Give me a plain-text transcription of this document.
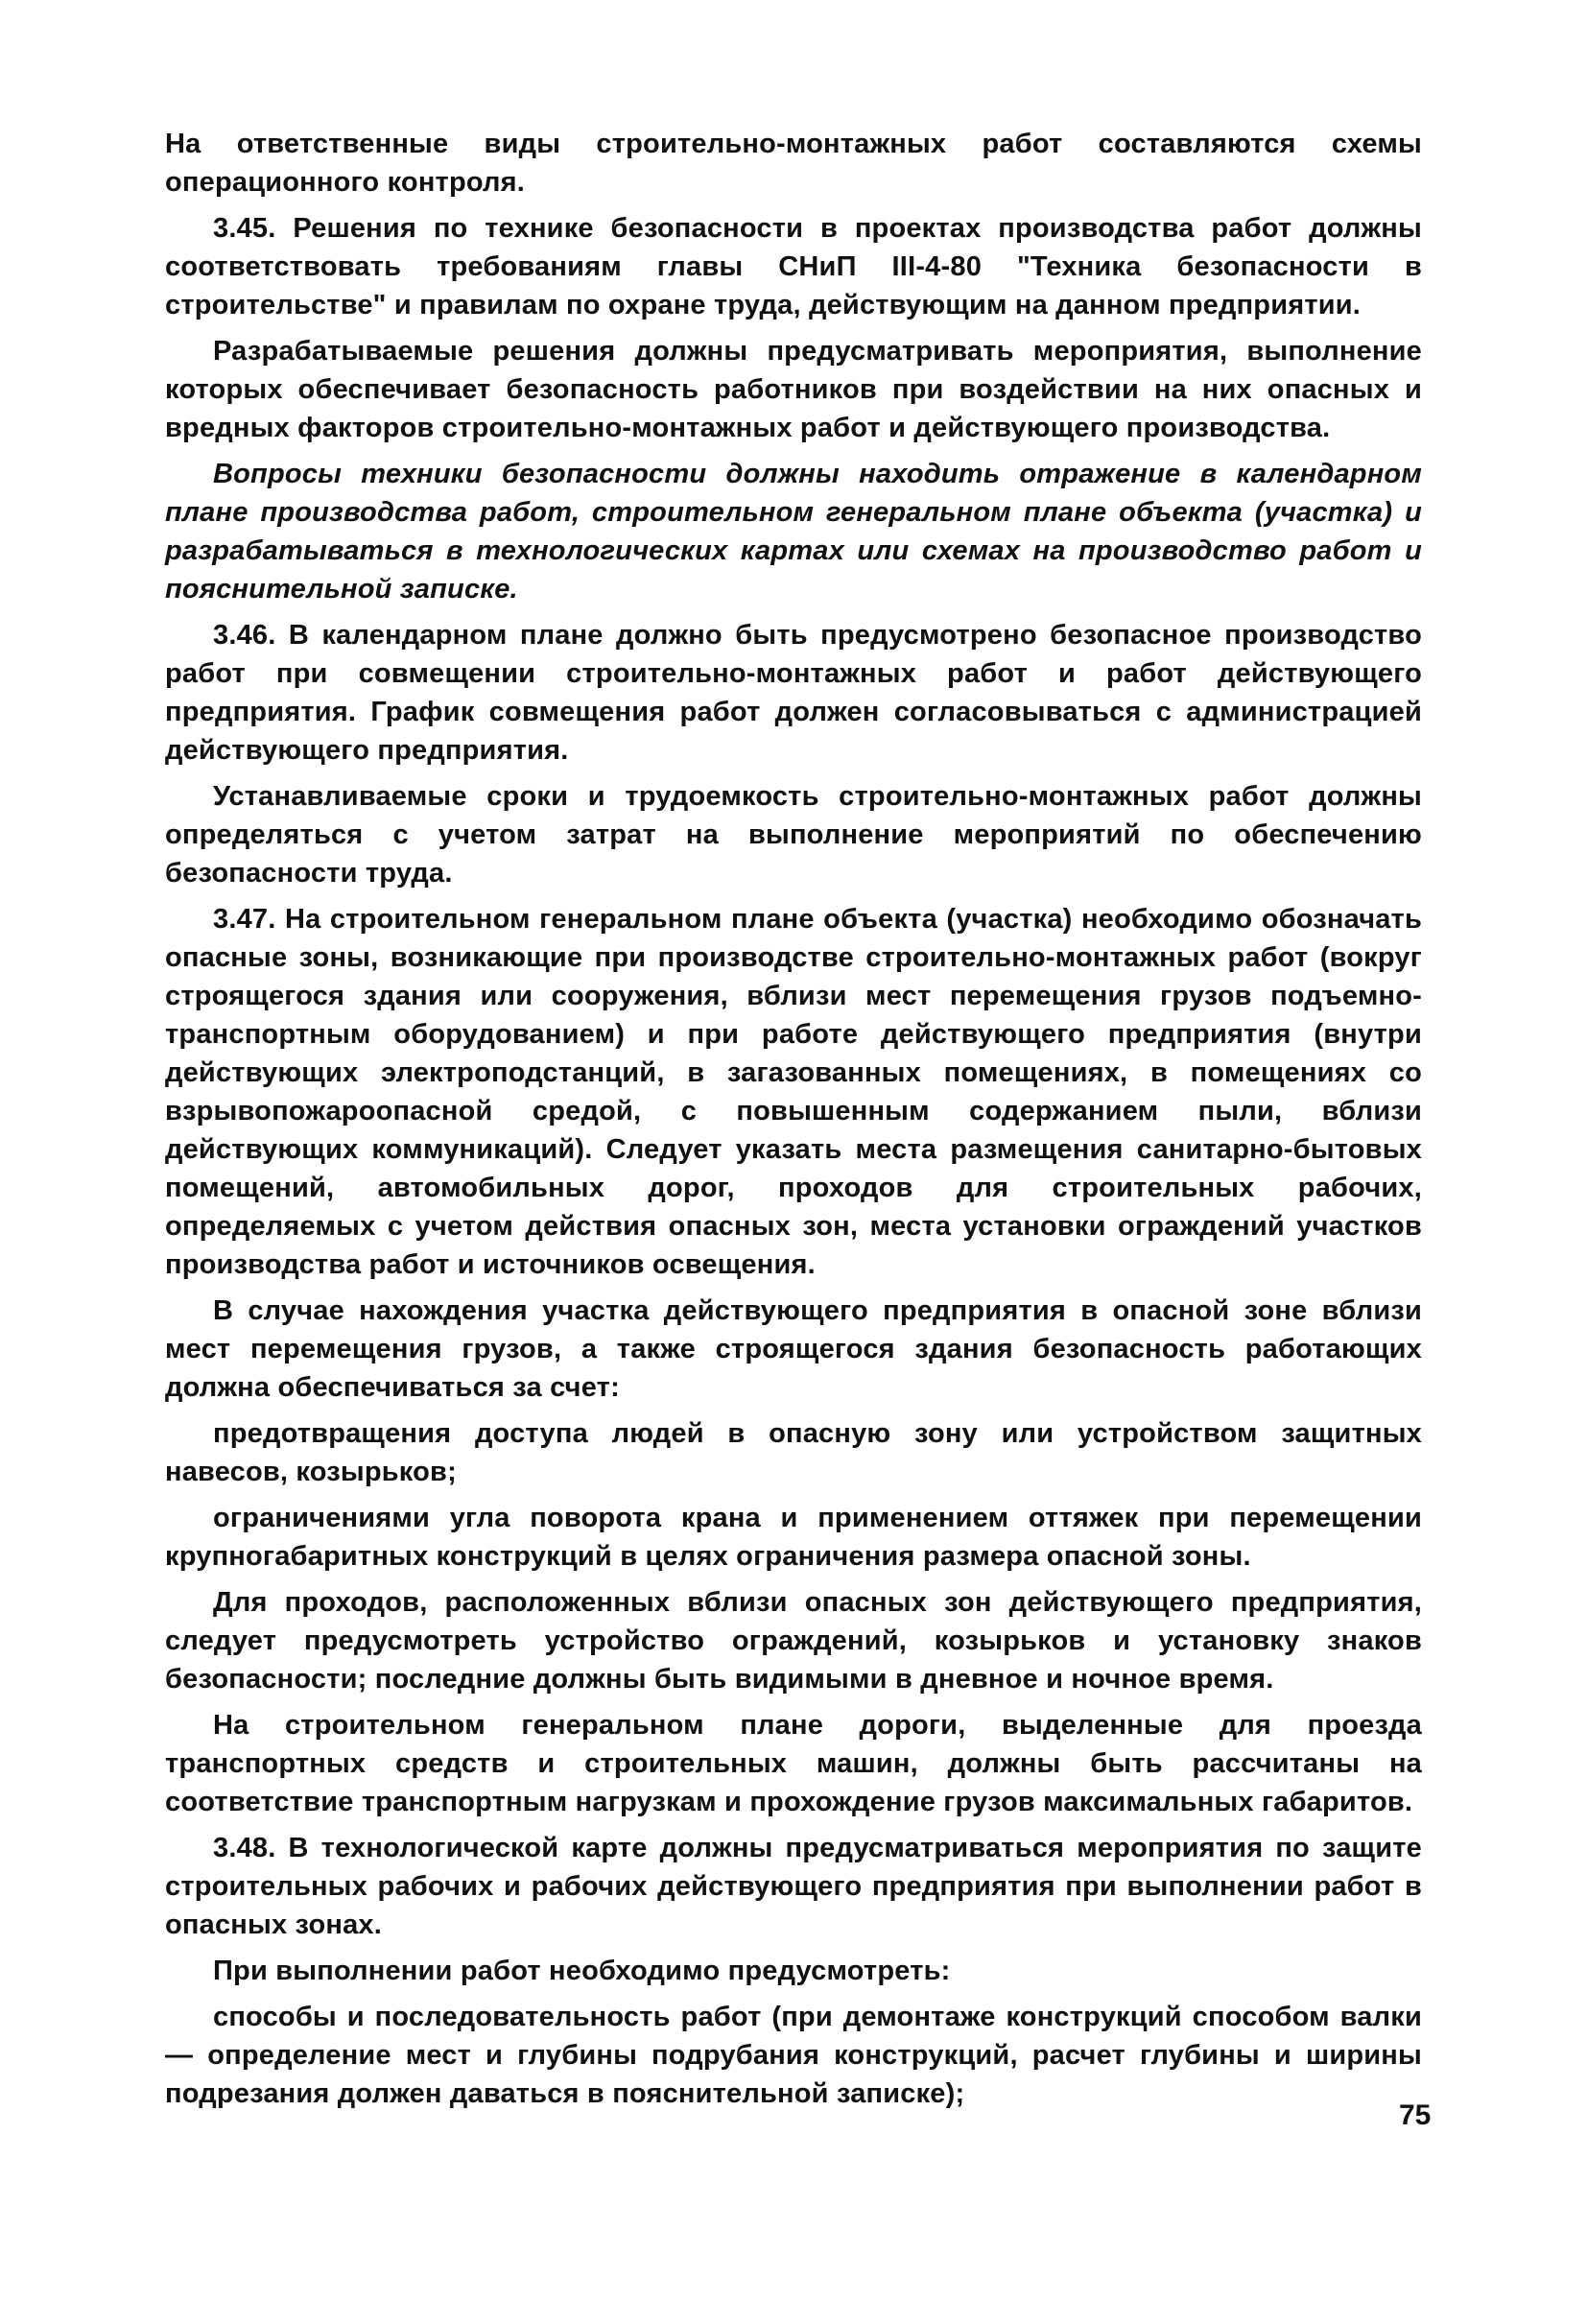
На ответственные виды строительно-монтажных работ составляются схемы операционного контроля.

3.45. Решения по технике безопасности в проектах производства работ должны соответствовать требованиям главы СНиП III-4-80 "Техника безопасности в строительстве" и правилам по охране труда, действующим на данном предприятии.

Разрабатываемые решения должны предусматривать мероприятия, выполнение которых обеспечивает безопасность работников при воздействии на них опасных и вредных факторов строительно-монтажных работ и действующего производства.

Вопросы техники безопасности должны находить отражение в календарном плане производства работ, строительном генеральном плане объекта (участка) и разрабатываться в технологических картах или схемах на производство работ и пояснительной записке.

3.46. В календарном плане должно быть предусмотрено безопасное производство работ при совмещении строительно-монтажных работ и работ действующего предприятия. График совмещения работ должен согласовываться с администрацией действующего предприятия.

Устанавливаемые сроки и трудоемкость строительно-монтажных работ должны определяться с учетом затрат на выполнение мероприятий по обеспечению безопасности труда.

3.47. На строительном генеральном плане объекта (участка) необходимо обозначать опасные зоны, возникающие при производстве строительно-монтажных работ (вокруг строящегося здания или сооружения, вблизи мест перемещения грузов подъемно-транспортным оборудованием) и при работе действующего предприятия (внутри действующих электроподстанций, в загазованных помещениях, в помещениях со взрывопожароопасной средой, с повышенным содержанием пыли, вблизи действующих коммуникаций). Следует указать места размещения санитарно-бытовых помещений, автомобильных дорог, проходов для строительных рабочих, определяемых с учетом действия опасных зон, места установки ограждений участков производства работ и источников освещения.

В случае нахождения участка действующего предприятия в опасной зоне вблизи мест перемещения грузов, а также строящегося здания безопасность работающих должна обеспечиваться за счет:

предотвращения доступа людей в опасную зону или устройством защитных навесов, козырьков;

ограничениями угла поворота крана и применением оттяжек при перемещении крупногабаритных конструкций в целях ограничения размера опасной зоны.

Для проходов, расположенных вблизи опасных зон действующего предприятия, следует предусмотреть устройство ограждений, козырьков и установку знаков безопасности; последние должны быть видимыми в дневное и ночное время.

На строительном генеральном плане дороги, выделенные для проезда транспортных средств и строительных машин, должны быть рассчитаны на соответствие транспортным нагрузкам и прохождение грузов максимальных габаритов.

3.48. В технологической карте должны предусматриваться мероприятия по защите строительных рабочих и рабочих действующего предприятия при выполнении работ в опасных зонах.

При выполнении работ необходимо предусмотреть:

способы и последовательность работ (при демонтаже конструкций способом валки — определение мест и глубины подрубания конструкций, расчет глубины и ширины подрезания должен даваться в пояснительной записке);

75
